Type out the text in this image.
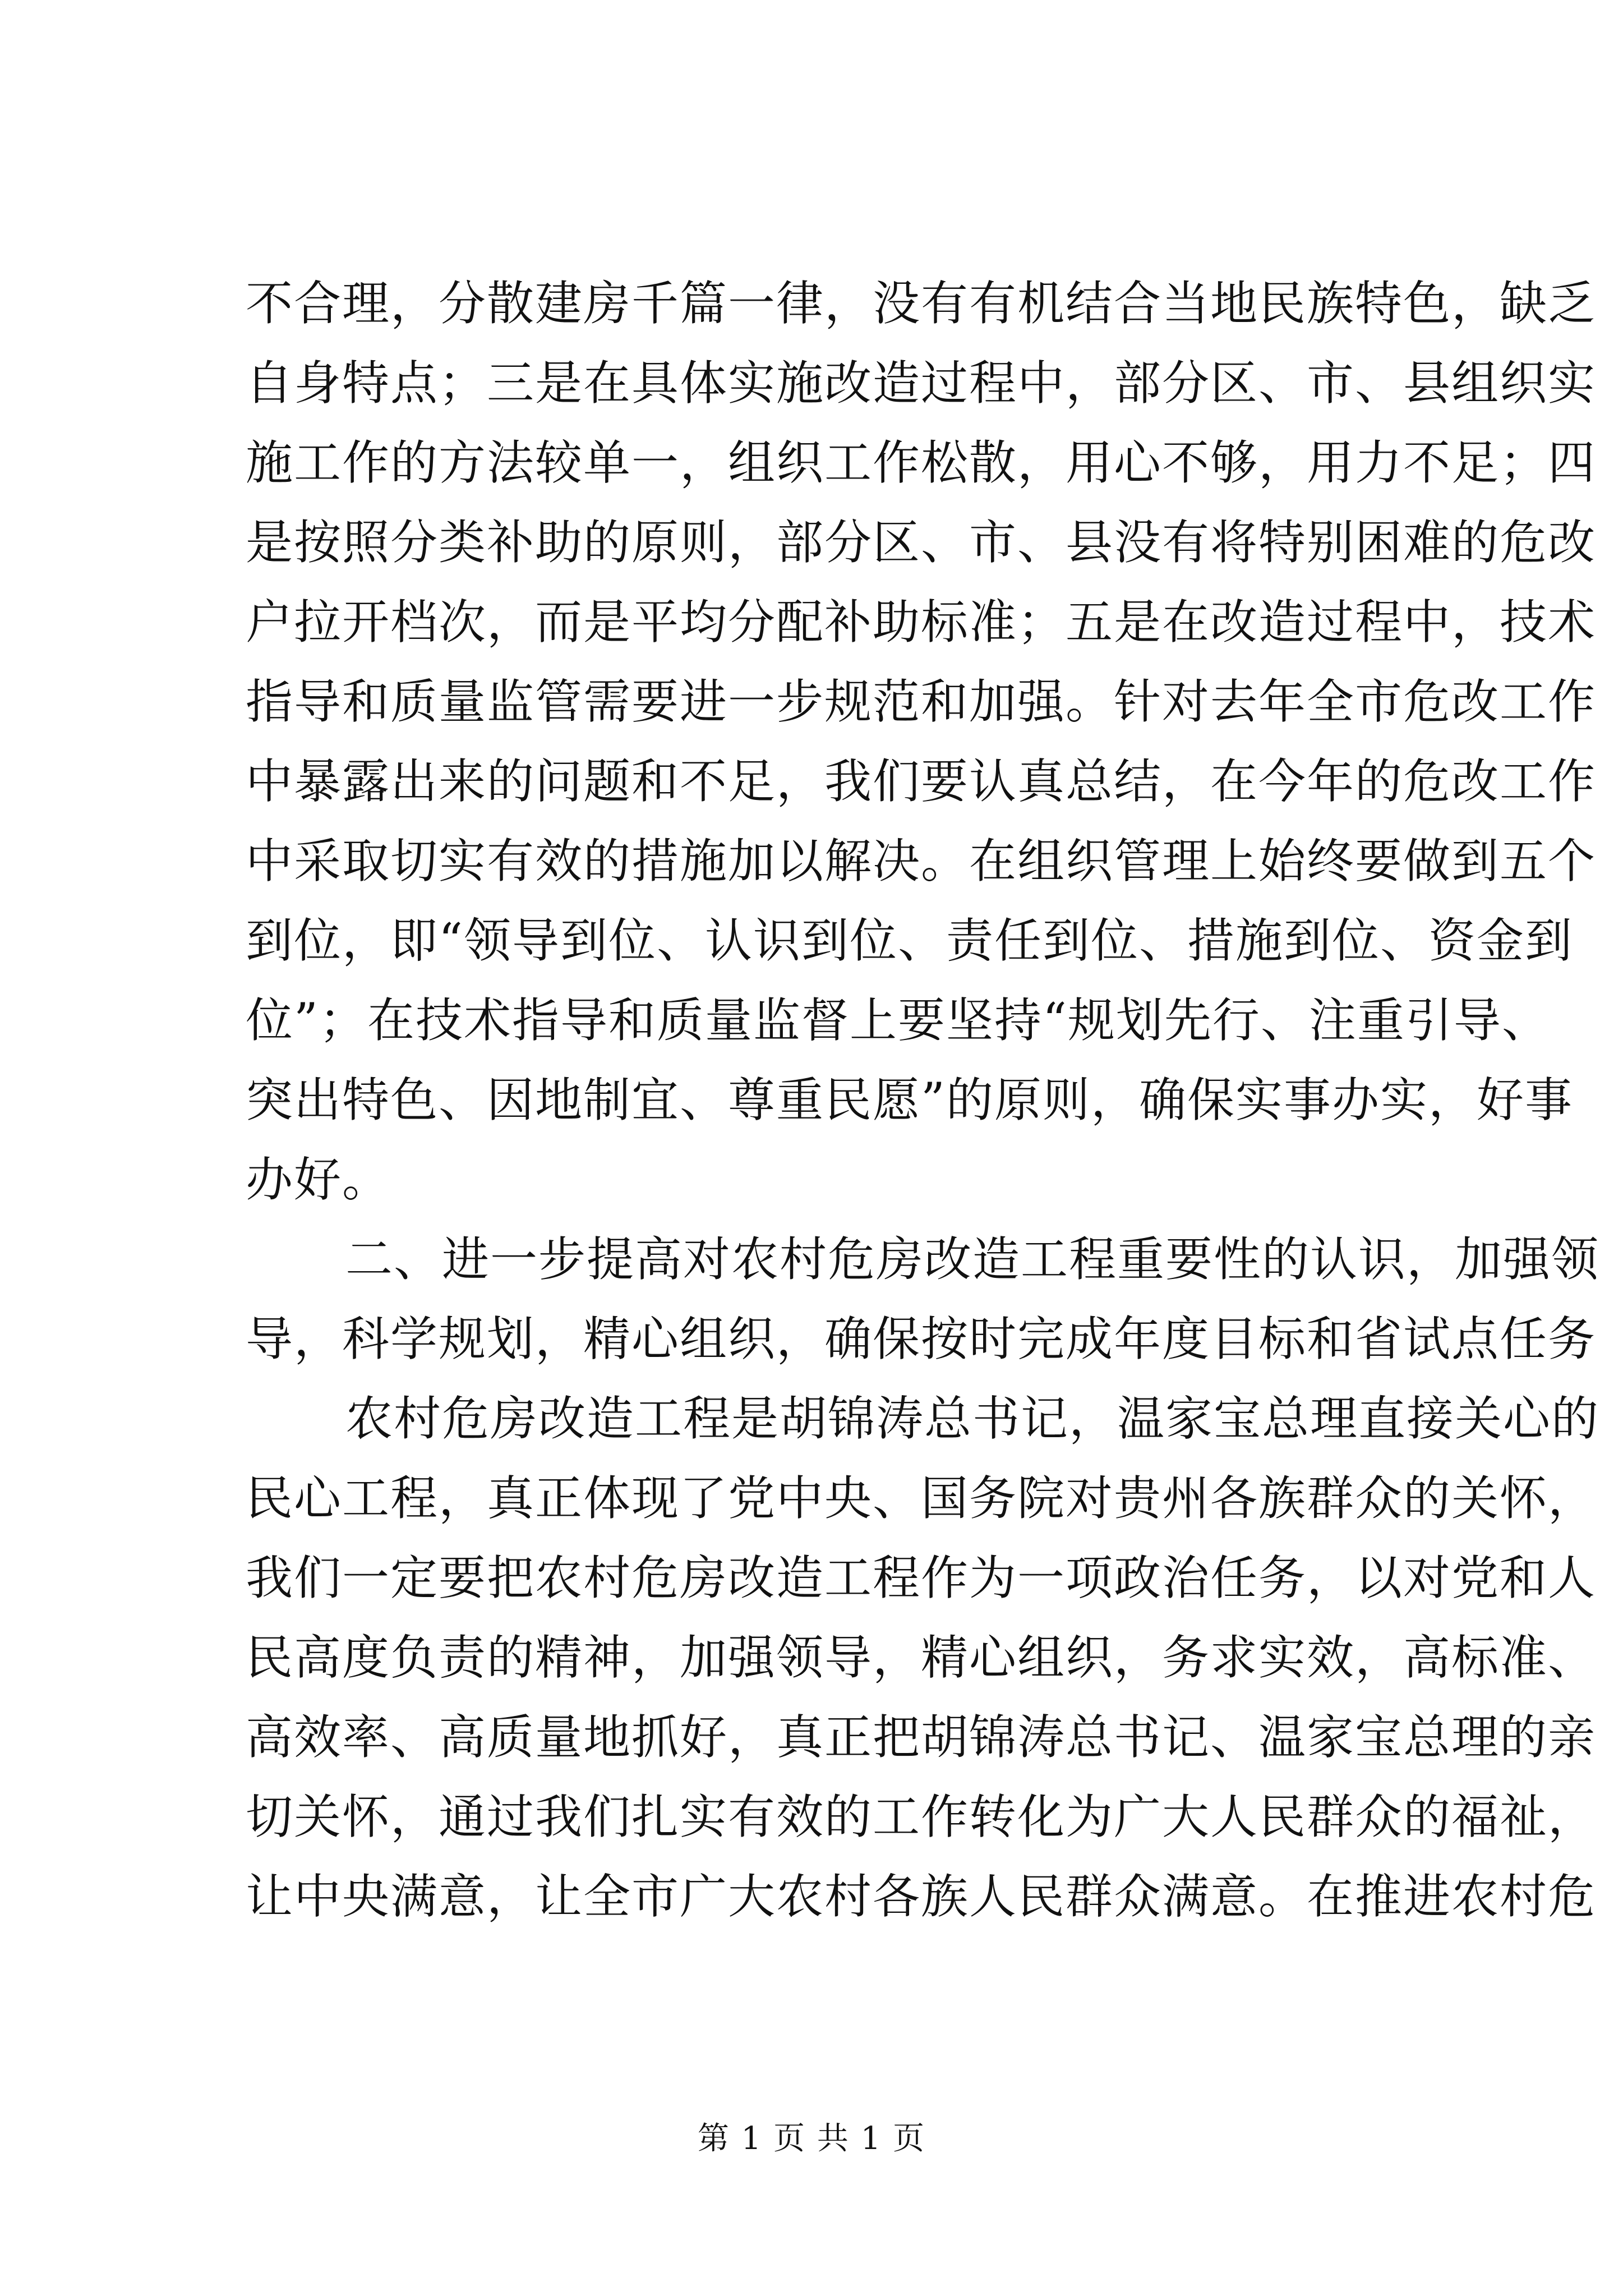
不合理，分散建房千篇一律，没有有机结合当地民族特色，缺乏
自身特点；三是在具体实施改造过程中，部分区、市、县组织实
施工作的方法较单一，组织工作松散，用心不够，用力不足；四
是按照分类补助的原则，部分区、市、县没有将特别困难的危改
户拉开档次，而是平均分配补助标准；五是在改造过程中，技术
指导和质量监管需要进一步规范和加强。针对去年全市危改工作
中暴露出来的问题和不足，我们要认真总结，在今年的危改工作
中采取切实有效的措施加以解决。在组织管理上始终要做到五个
到位，即“领导到位、认识到位、责任到位、措施到位、资金到
位”；在技术指导和质量监督上要坚持“规划先行、注重引导、
突出特色、因地制宜、尊重民愿”的原则，确保实事办实，好事
办好。
二、进一步提高对农村危房改造工程重要性的认识，加强领
导，科学规划，精心组织，确保按时完成年度目标和省试点任务
农村危房改造工程是胡锦涛总书记，温家宝总理直接关心的
民心工程，真正体现了党中央、国务院对贵州各族群众的关怀，
我们一定要把农村危房改造工程作为一项政治任务，以对党和人
民高度负责的精神，加强领导，精心组织，务求实效，高标准、
高效率、高质量地抓好，真正把胡锦涛总书记、温家宝总理的亲
切关怀，通过我们扎实有效的工作转化为广大人民群众的福祉，
让中央满意，让全市广大农村各族人民群众满意。在推进农村危
第 1 页 共 1 页
